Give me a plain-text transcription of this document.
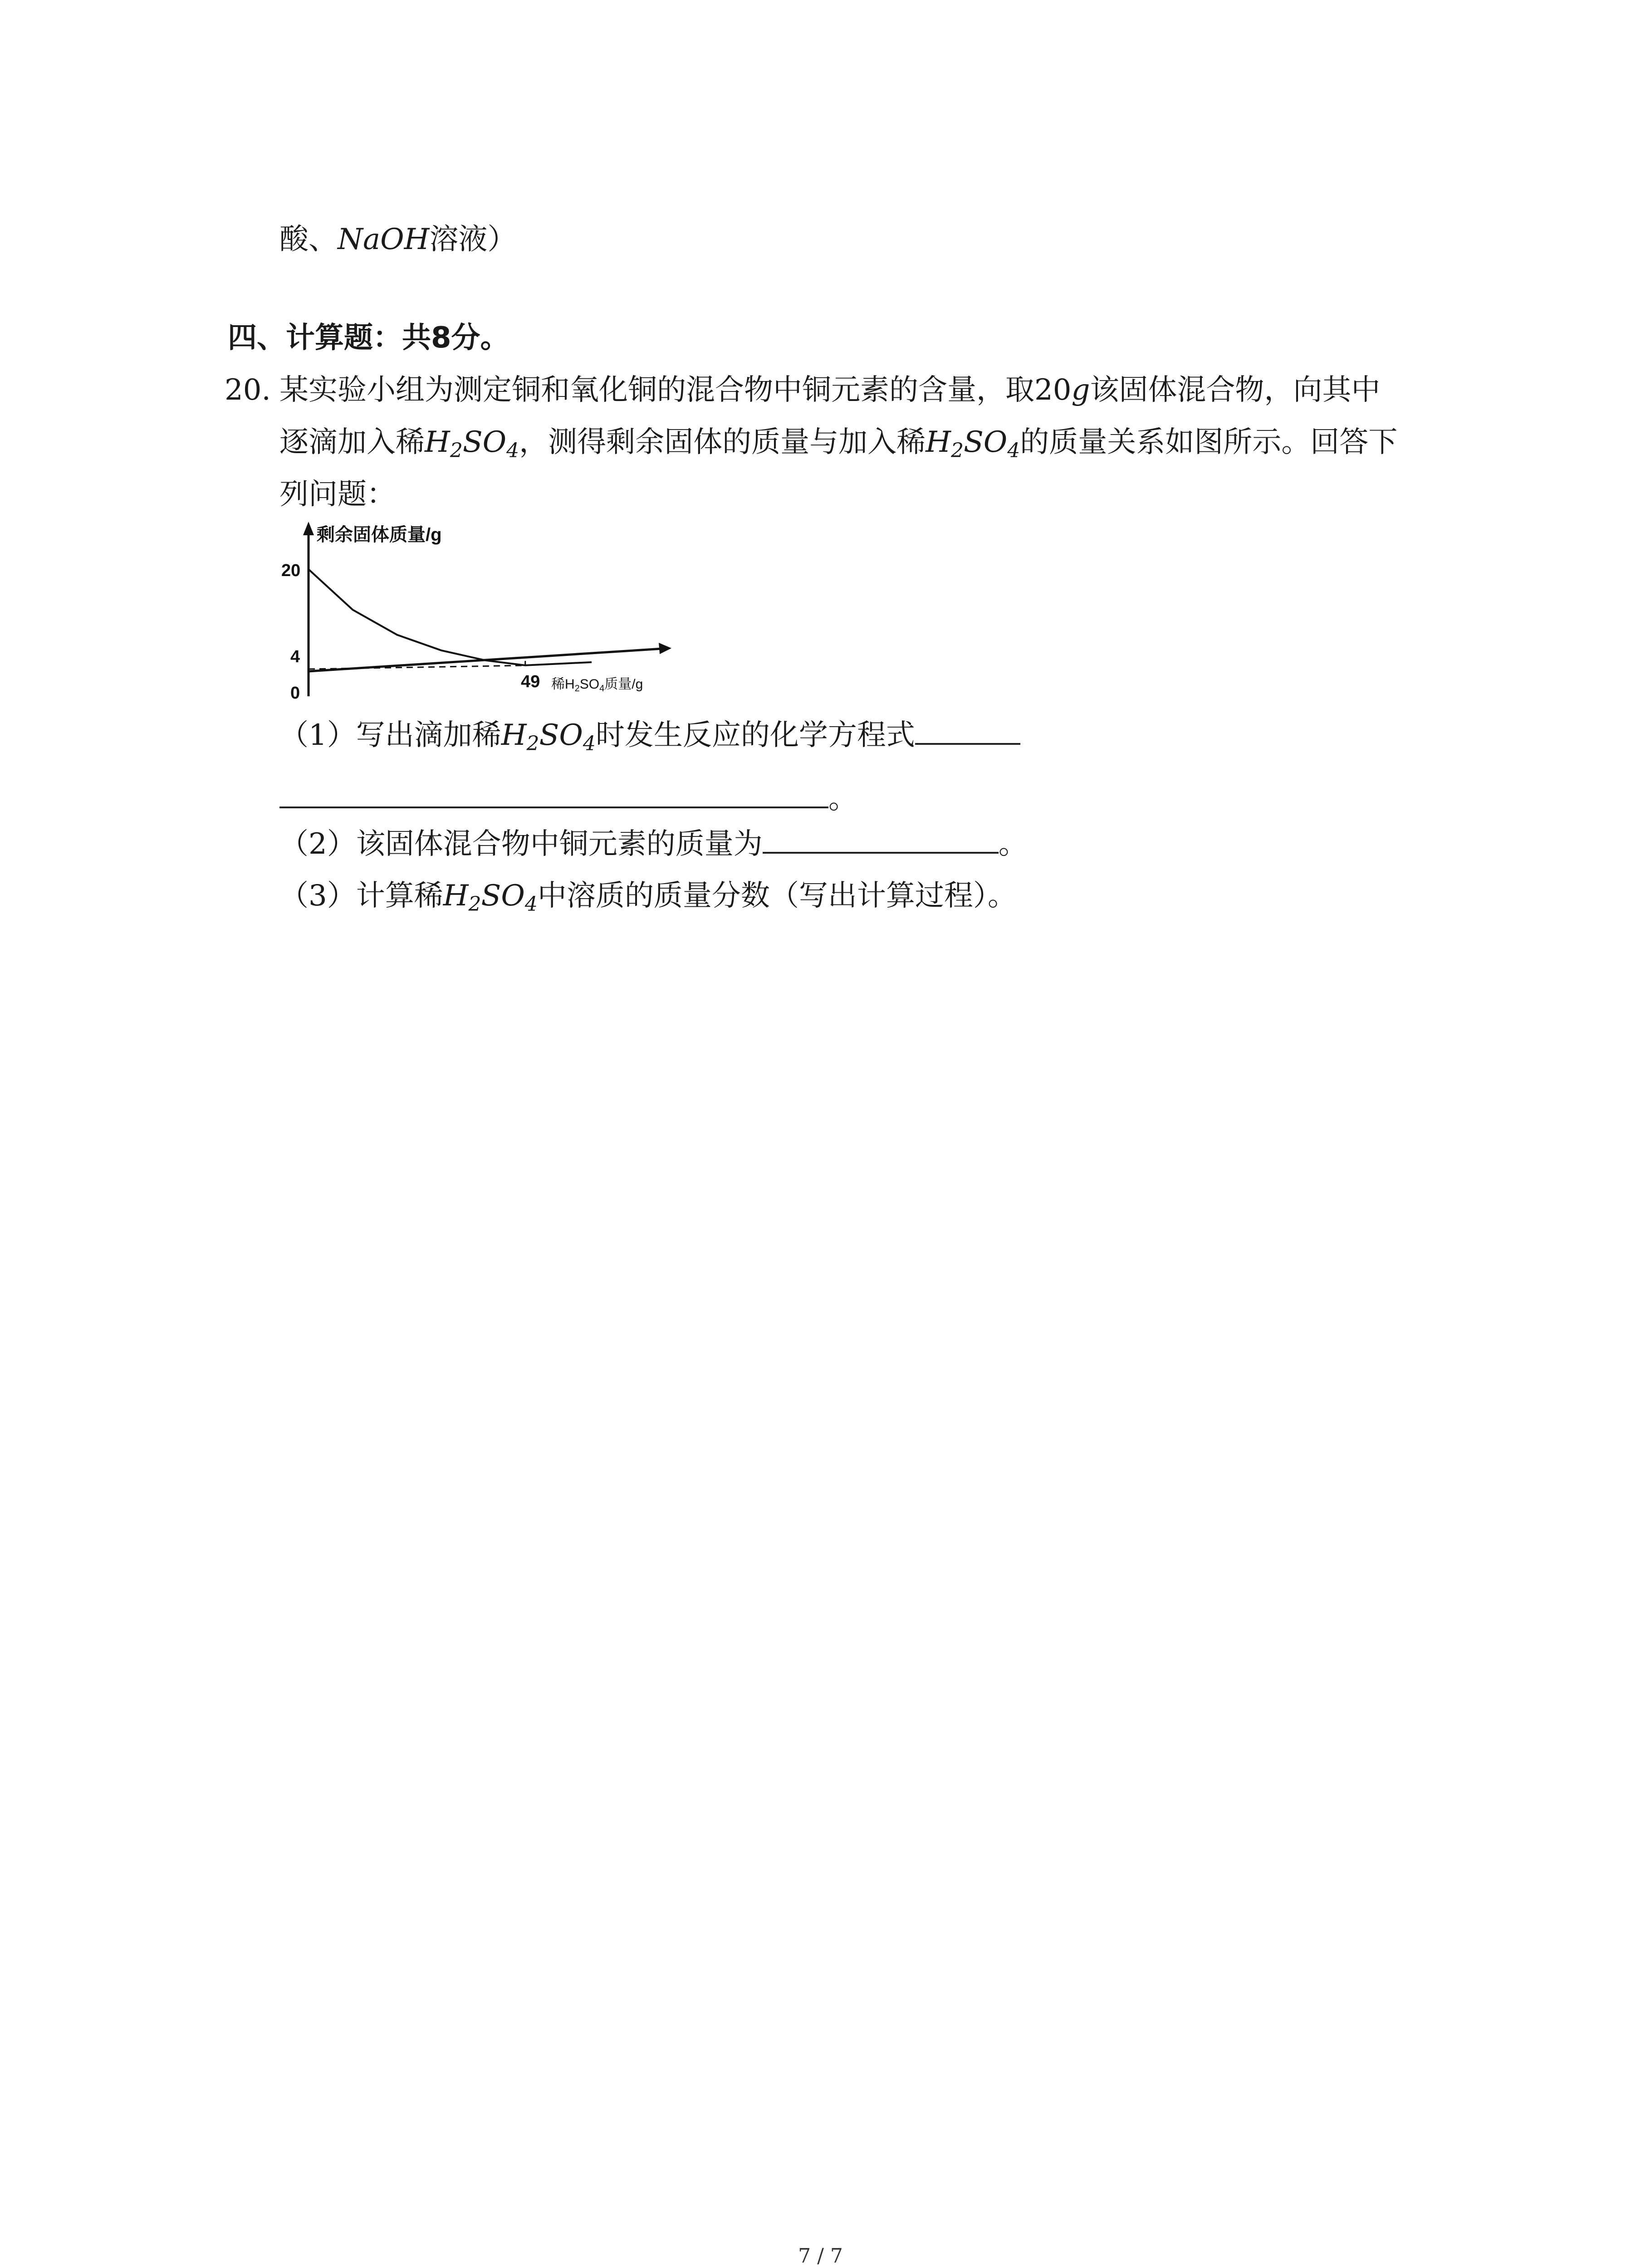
酸、NaOH溶液）
四、计算题：共8分。
20. 某实验小组为测定铜和氧化铜的混合物中铜元素的含量，取20g该固体混合物，向其中
逐滴加入稀$H_2SO_4$，测得剩余固体的质量与加入稀$H_2SO_4$的质量关系如图所示。回答下
列问题：
剩余固体质量/g
20
4
0
49 稀$H_2SO_4$质量/g
（1）写出滴加稀$H_2SO_4$时发生反应的化学方程式
。
（2）该固体混合物中铜元素的质量为	。
（3）计算稀$H_2SO_4$中溶质的质量分数（写出计算过程）。
7 / 7
